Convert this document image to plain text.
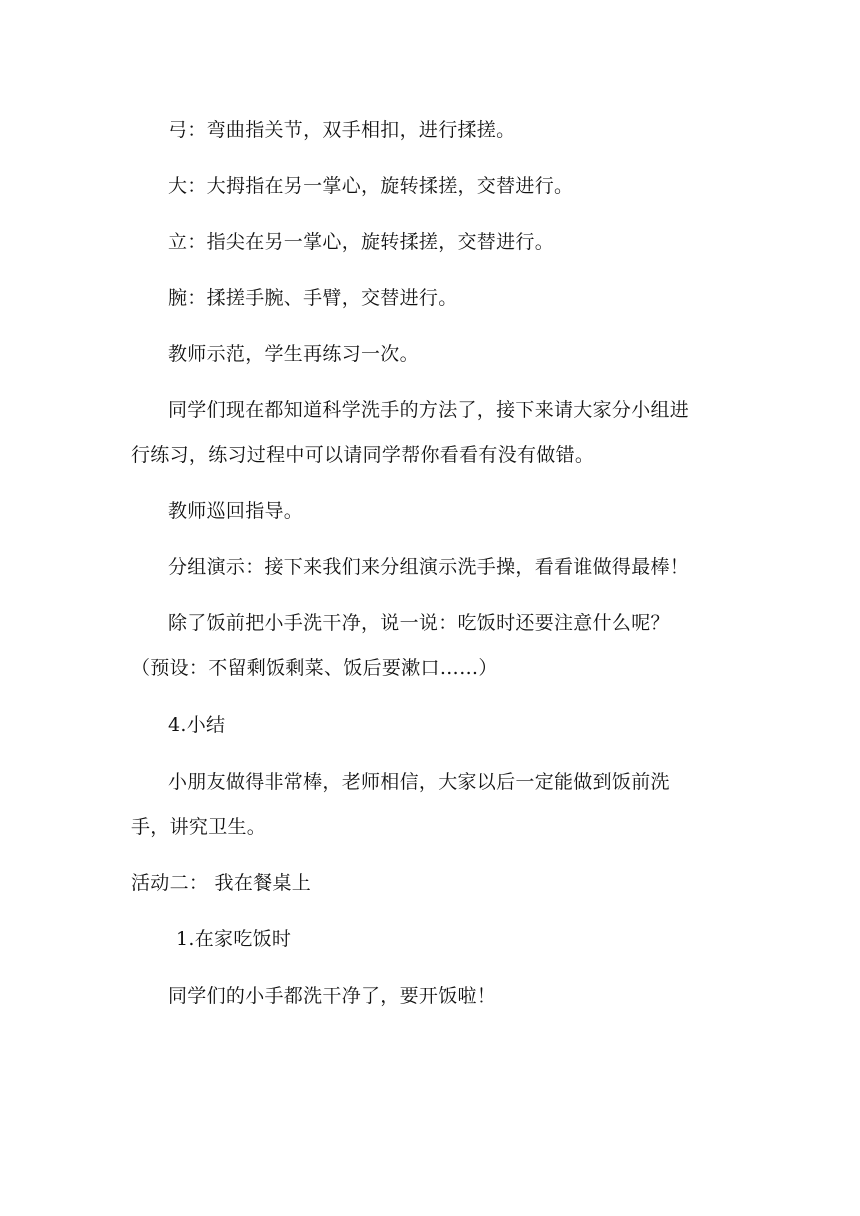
弓：弯曲指关节，双手相扣，进行揉搓。
大：大拇指在另一掌心，旋转揉搓，交替进行。
立：指尖在另一掌心，旋转揉搓，交替进行。
腕：揉搓手腕、手臂，交替进行。
教师示范，学生再练习一次。
同学们现在都知道科学洗手的方法了，接下来请大家分小组进
行练习，练习过程中可以请同学帮你看看有没有做错。
教师巡回指导。
分组演示：接下来我们来分组演示洗手操，看看谁做得最棒！
除了饭前把小手洗干净，说一说：吃饭时还要注意什么呢？
（预设：不留剩饭剩菜、饭后要漱口……）
4.小结
小朋友做得非常棒，老师相信，大家以后一定能做到饭前洗
手，讲究卫生。
活动二： 我在餐桌上
1.在家吃饭时
同学们的小手都洗干净了，要开饭啦！
